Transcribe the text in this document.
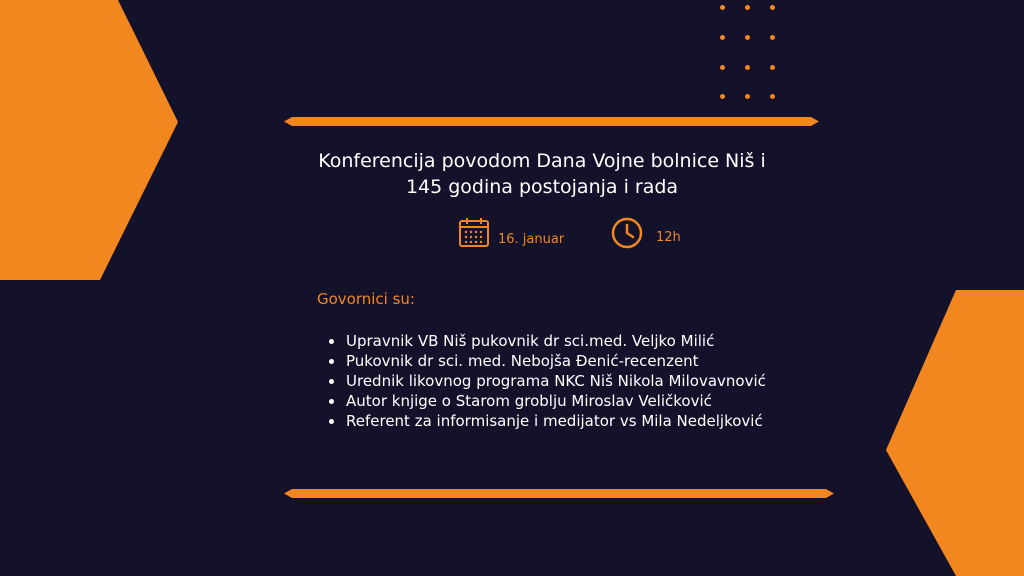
Konferencija povodom Dana Vojne bolnice Niš i
145 godina postojanja i rada
16. januar	12h
Govornici su:
Upravnik VB Niš pukovnik dr sci.med. Veljko Milić
Pukovnik dr sci. med. Nebojša Đenić-recenzent
Urednik likovnog programa NKC Niš Nikola Milovavnović
Autor knjige o Starom groblju Miroslav Veličković
Referent za informisanje i medijator vs Mila Nedeljković
